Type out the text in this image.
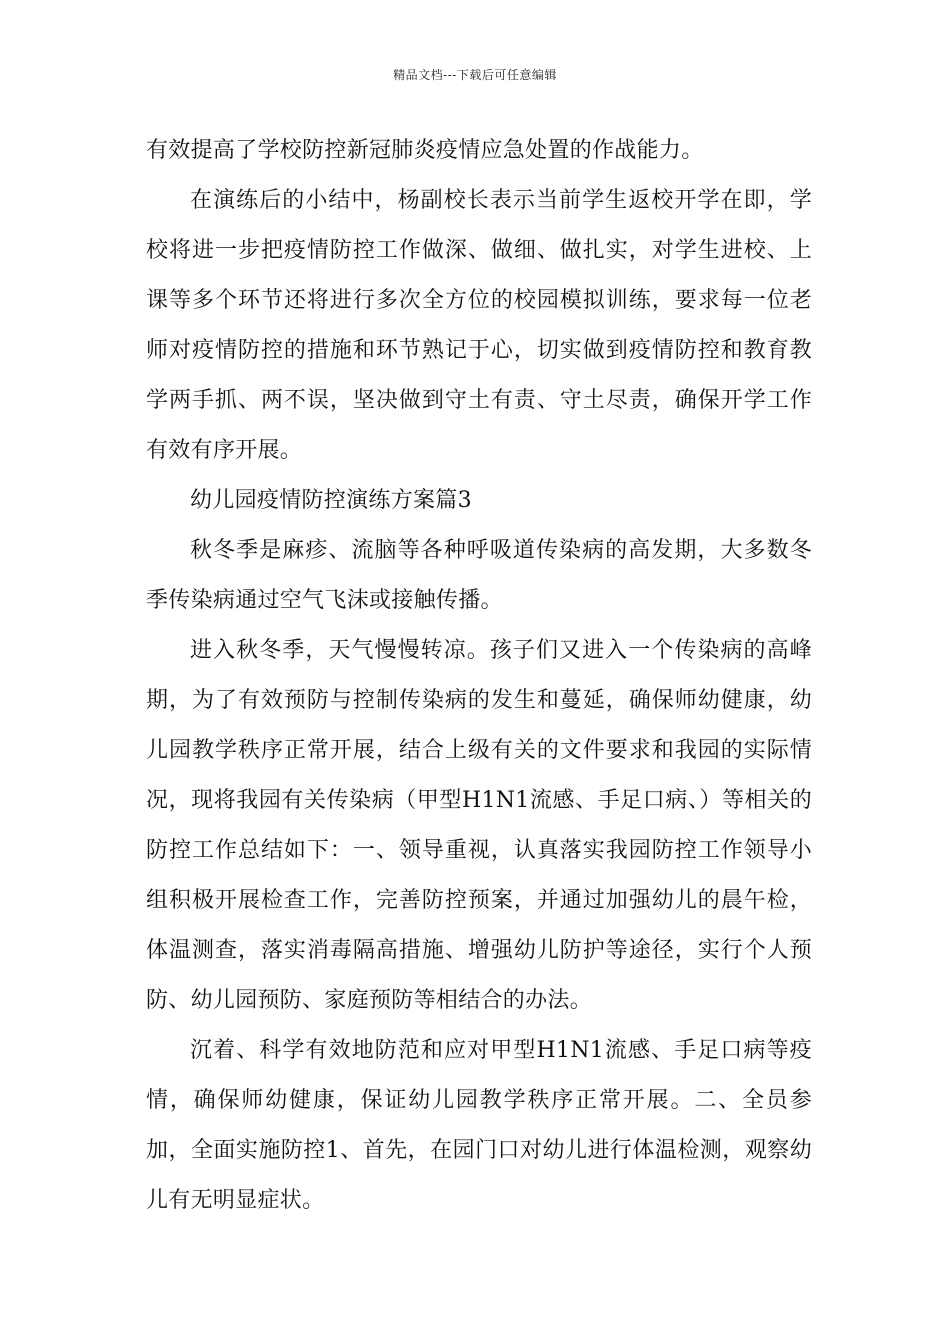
精品文档---下载后可任意编辑

有效提高了学校防控新冠肺炎疫情应急处置的作战能力。

在演练后的小结中，杨副校长表示当前学生返校开学在即，学校将进一步把疫情防控工作做深、做细、做扎实，对学生进校、上课等多个环节还将进行多次全方位的校园模拟训练，要求每一位老师对疫情防控的措施和环节熟记于心，切实做到疫情防控和教育教学两手抓、两不误，坚决做到守土有责、守土尽责，确保开学工作有效有序开展。

幼儿园疫情防控演练方案篇3

秋冬季是麻疹、流脑等各种呼吸道传染病的高发期，大多数冬季传染病通过空气飞沫或接触传播。

进入秋冬季，天气慢慢转凉。孩子们又进入一个传染病的高峰期，为了有效预防与控制传染病的发生和蔓延，确保师幼健康，幼儿园教学秩序正常开展，结合上级有关的文件要求和我园的实际情况，现将我园有关传染病（甲型H1N1流感、手足口病、）等相关的防控工作总结如下：一、领导重视，认真落实我园防控工作领导小组积极开展检查工作，完善防控预案，并通过加强幼儿的晨午检，体温测查，落实消毒隔高措施、增强幼儿防护等途径，实行个人预防、幼儿园预防、家庭预防等相结合的办法。

沉着、科学有效地防范和应对甲型H1N1流感、手足口病等疫情，确保师幼健康，保证幼儿园教学秩序正常开展。二、全员参加，全面实施防控1、首先，在园门口对幼儿进行体温检测，观察幼儿有无明显症状。
